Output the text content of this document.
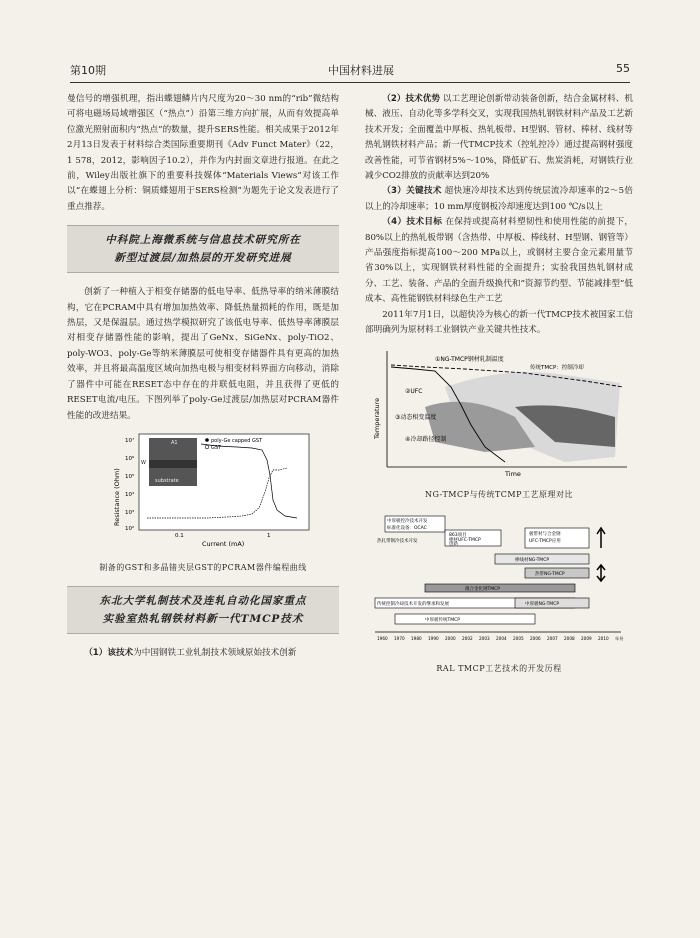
第10期	中国材料进展	55

曼信号的增强机理，指出蝶翅鳞片内尺度为20～30 nm的“rib”微结构可将电磁场局域增强区（“热点”）沿第三维方向扩展，从而有效提高单位激光照射面积内“热点”的数量，提升SERS性能。相关成果于2012年2月13日发表于材料综合类国际重要期刊《Adv Funct Mater》（22，1 578，2012，影响因子10.2），并作为内封面文章进行报道。在此之前，Wiley出版社旗下的重要科技媒体“Materials Views”对该工作以“在蝶翅上分析：铜质蝶翅用于SERS检测”为题先于论文发表进行了重点推荐。

中科院上海微系统与信息技术研究所在
新型过渡层/加热层的开发研究进展

创新了一种植入于相变存储器的低电导率、低热导率的纳米薄膜结构，它在PCRAM中具有增加加热效率、降低热量损耗的作用，既是加热层，又是保温层。通过热学模拟研究了该低电导率、低热导率薄膜层对相变存储器性能的影响，提出了GeNx、SiGeNx、poly-TiO2、poly-WO3、poly-Ge等纳米薄膜层可使相变存储器件具有更高的加热效率，并且将最高温度区域向加热电极与相变材料界面方向移动，消除了器件中可能在RESET态中存在的并联低电阻，并且获得了更低的RESET电流/电压。下图列举了poly-Ge过渡层/加热层对PCRAM器件性能的改进结果。

A1
W
substrate
poly-Ge capped GST
GST
10⁷
10⁶
10⁵
10⁴
10³
10²
0.1	1
Current (mA)
Resistance (Ohm)
制备的GST和多晶锗夹层GST的PCRAM器件编程曲线
东北大学轧制技术及连轧自动化国家重点
实验室热轧钢铁材料新一代TMCP技术

（1）该技术为中国钢铁工业轧制技术领域原始技术创新

（2）技术优势 以工艺理论创新带动装备创新，结合金属材料、机械、液压、自动化等多学科交叉，实现我国热轧钢铁材料产品及工艺新技术开发；全面覆盖中厚板、热轧板带、H型钢、管材、棒材、线材等热轧钢铁材料产品；新一代TMCP技术（控轧控冷）通过提高钢材强度改善性能，可节省钢材5%～10%，降低矿石、焦炭消耗，对钢铁行业减少CO2排放的贡献率达到20%

（3）关键技术 超快速冷却技术达到传统层流冷却速率的2～5倍以上的冷却速率；10 mm厚度钢板冷却速度达到100 ℃/s以上

（4）技术目标 在保持或提高材料塑韧性和使用性能的前提下，80%以上的热轧板带钢（含热带、中厚板、棒线材、H型钢、钢管等）产品强度指标提高100～200 MPa以上，或钢材主要合金元素用量节省30%以上，实现钢铁材料性能的全面提升；实验我国热轧钢材成分、工艺、装备、产品的全面升级换代和“资源节约型、节能减排型”低成本、高性能钢铁材料绿色生产工艺

2011年7月1日，以超快冷为核心的新一代TMCP技术被国家工信部明确列为原材料工业钢铁产业关键共性技术。

①NG-TMCP钢材轧制温度
②UFC
传统TMCP：控制冷却
③动态相变温度
④冷却路径控制
Temperature
Time
NG-TMCP与传统TCMP工艺原理对比
1960 1970 1980 1990 2000 2002 2003 2004 2005 2006 2007 2008 2009 2010 年份
中厚板控冷技术开发
标准化设备：OCAC
热轧带钢冷技术开发
863项目
棒材UFC-TMCP
创新
板带材与合金钢
UFC-TMCP应用
棒线材NG-TMCP
热带NG-TMCP
微合金化钢TMCP
传统控制冷却技术开发的继承和发展	中厚板NG-TMCP
中厚板传统TMCP
RAL TMCP工艺技术的开发历程
